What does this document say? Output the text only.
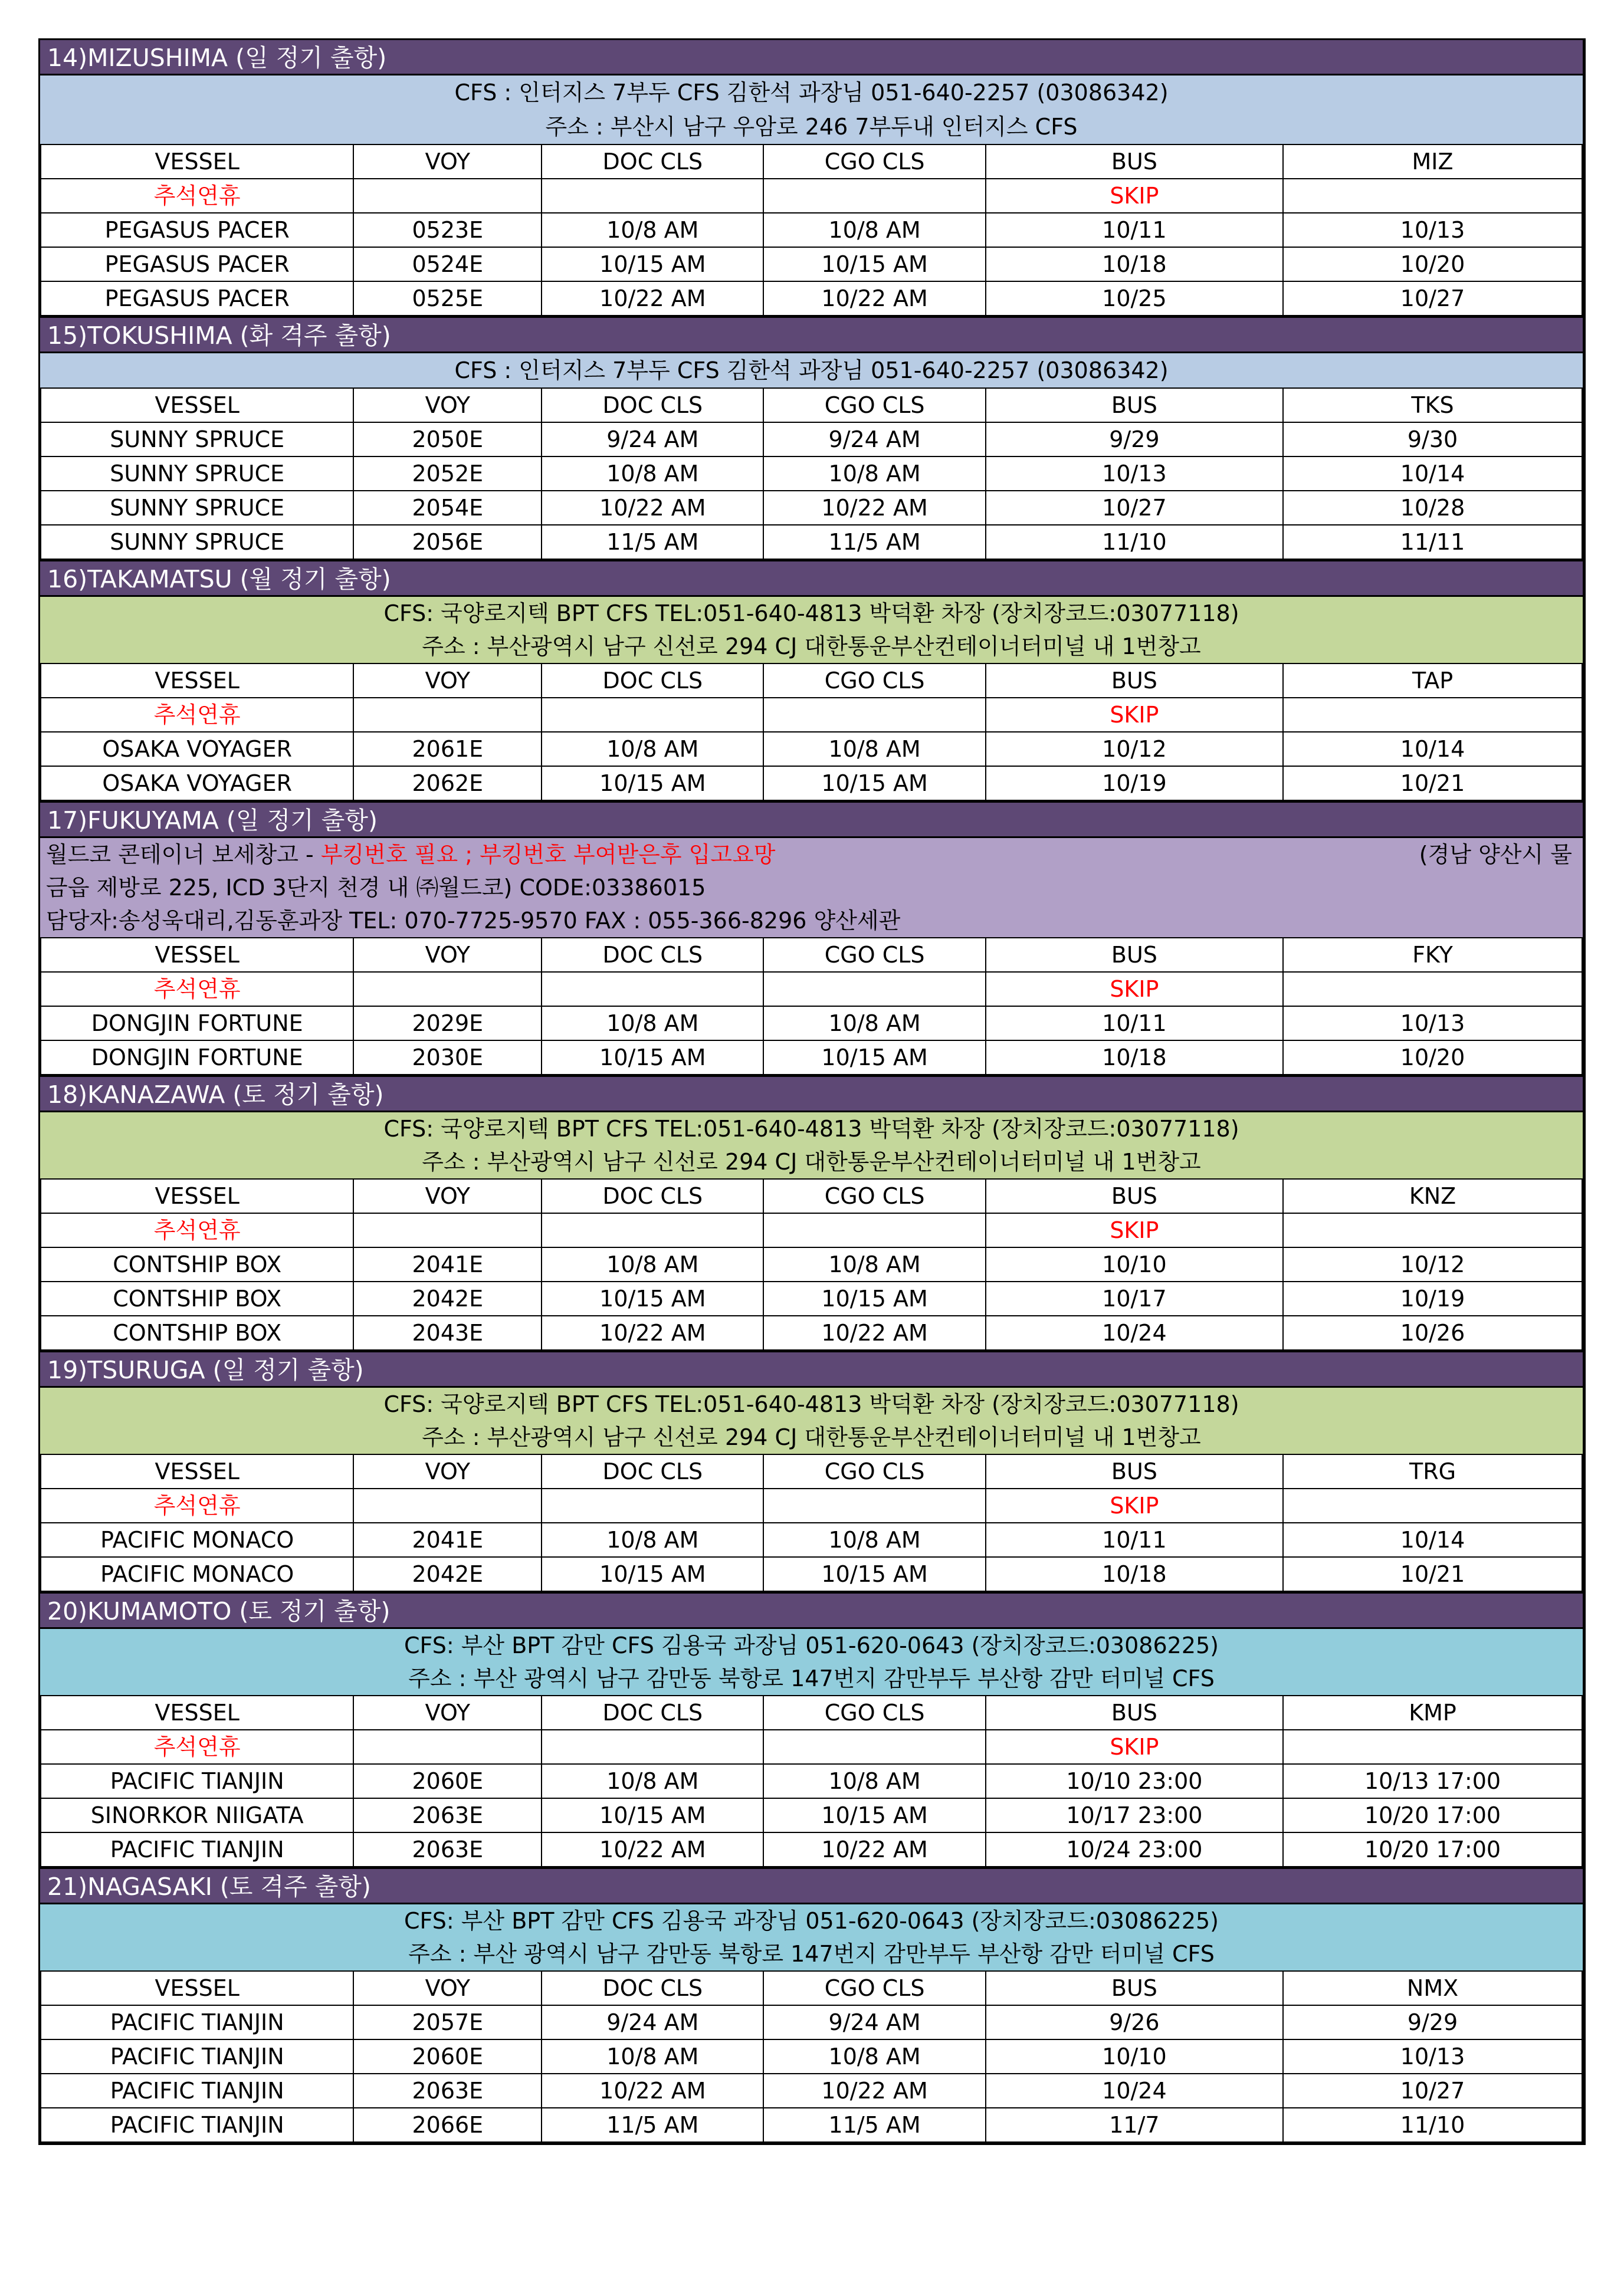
14)MIZUSHIMA (일 정기 출항)
CFS : 인터지스 7부두 CFS 김한석 과장님 051-640-2257 (03086342)
주소 : 부산시 남구 우암로 246 7부두내 인터지스 CFS
VESSEL	VOY	DOC CLS	CGO CLS	BUS	MIZ
추석연휴				SKIP	
PEGASUS PACER	0523E	10/8 AM	10/8 AM	10/11	10/13
PEGASUS PACER	0524E	10/15 AM	10/15 AM	10/18	10/20
PEGASUS PACER	0525E	10/22 AM	10/22 AM	10/25	10/27
15)TOKUSHIMA (화 격주 출항)
CFS : 인터지스 7부두 CFS 김한석 과장님 051-640-2257 (03086342)
VESSEL	VOY	DOC CLS	CGO CLS	BUS	TKS
SUNNY SPRUCE	2050E	9/24 AM	9/24 AM	9/29	9/30
SUNNY SPRUCE	2052E	10/8 AM	10/8 AM	10/13	10/14
SUNNY SPRUCE	2054E	10/22 AM	10/22 AM	10/27	10/28
SUNNY SPRUCE	2056E	11/5 AM	11/5 AM	11/10	11/11
16)TAKAMATSU (월 정기 출항)
CFS: 국양로지텍 BPT CFS TEL:051-640-4813 박덕환 차장 (장치장코드:03077118)
주소 : 부산광역시 남구 신선로 294 CJ 대한통운부산컨테이너터미널 내 1번창고
VESSEL	VOY	DOC CLS	CGO CLS	BUS	TAP
추석연휴				SKIP	
OSAKA VOYAGER	2061E	10/8 AM	10/8 AM	10/12	10/14
OSAKA VOYAGER	2062E	10/15 AM	10/15 AM	10/19	10/21
17)FUKUYAMA (일 정기 출항)
월드코 콘테이너 보세창고 - 부킹번호 필요 ; 부킹번호 부여받은후 입고요망	(경남 양산시 물
금읍 제방로 225, ICD 3단지 천경 내 ㈜월드코) CODE:03386015
담당자:송성욱대리,김동훈과장 TEL: 070-7725-9570 FAX : 055-366-8296 양산세관
VESSEL	VOY	DOC CLS	CGO CLS	BUS	FKY
추석연휴				SKIP	
DONGJIN FORTUNE	2029E	10/8 AM	10/8 AM	10/11	10/13
DONGJIN FORTUNE	2030E	10/15 AM	10/15 AM	10/18	10/20
18)KANAZAWA (토 정기 출항)
CFS: 국양로지텍 BPT CFS TEL:051-640-4813 박덕환 차장 (장치장코드:03077118)
주소 : 부산광역시 남구 신선로 294 CJ 대한통운부산컨테이너터미널 내 1번창고
VESSEL	VOY	DOC CLS	CGO CLS	BUS	KNZ
추석연휴				SKIP	
CONTSHIP BOX	2041E	10/8 AM	10/8 AM	10/10	10/12
CONTSHIP BOX	2042E	10/15 AM	10/15 AM	10/17	10/19
CONTSHIP BOX	2043E	10/22 AM	10/22 AM	10/24	10/26
19)TSURUGA (일 정기 출항)
CFS: 국양로지텍 BPT CFS TEL:051-640-4813 박덕환 차장 (장치장코드:03077118)
주소 : 부산광역시 남구 신선로 294 CJ 대한통운부산컨테이너터미널 내 1번창고
VESSEL	VOY	DOC CLS	CGO CLS	BUS	TRG
추석연휴				SKIP	
PACIFIC MONACO	2041E	10/8 AM	10/8 AM	10/11	10/14
PACIFIC MONACO	2042E	10/15 AM	10/15 AM	10/18	10/21
20)KUMAMOTO (토 정기 출항)
CFS: 부산 BPT 감만 CFS 김용국 과장님 051-620-0643 (장치장코드:03086225)
주소 : 부산 광역시 남구 감만동 북항로 147번지 감만부두 부산항 감만 터미널 CFS
VESSEL	VOY	DOC CLS	CGO CLS	BUS	KMP
추석연휴				SKIP	
PACIFIC TIANJIN	2060E	10/8 AM	10/8 AM	10/10 23:00	10/13 17:00
SINORKOR NIIGATA	2063E	10/15 AM	10/15 AM	10/17 23:00	10/20 17:00
PACIFIC TIANJIN	2063E	10/22 AM	10/22 AM	10/24 23:00	10/20 17:00
21)NAGASAKI (토 격주 출항)
CFS: 부산 BPT 감만 CFS 김용국 과장님 051-620-0643 (장치장코드:03086225)
주소 : 부산 광역시 남구 감만동 북항로 147번지 감만부두 부산항 감만 터미널 CFS
VESSEL	VOY	DOC CLS	CGO CLS	BUS	NMX
PACIFIC TIANJIN	2057E	9/24 AM	9/24 AM	9/26	9/29
PACIFIC TIANJIN	2060E	10/8 AM	10/8 AM	10/10	10/13
PACIFIC TIANJIN	2063E	10/22 AM	10/22 AM	10/24	10/27
PACIFIC TIANJIN	2066E	11/5 AM	11/5 AM	11/7	11/10
